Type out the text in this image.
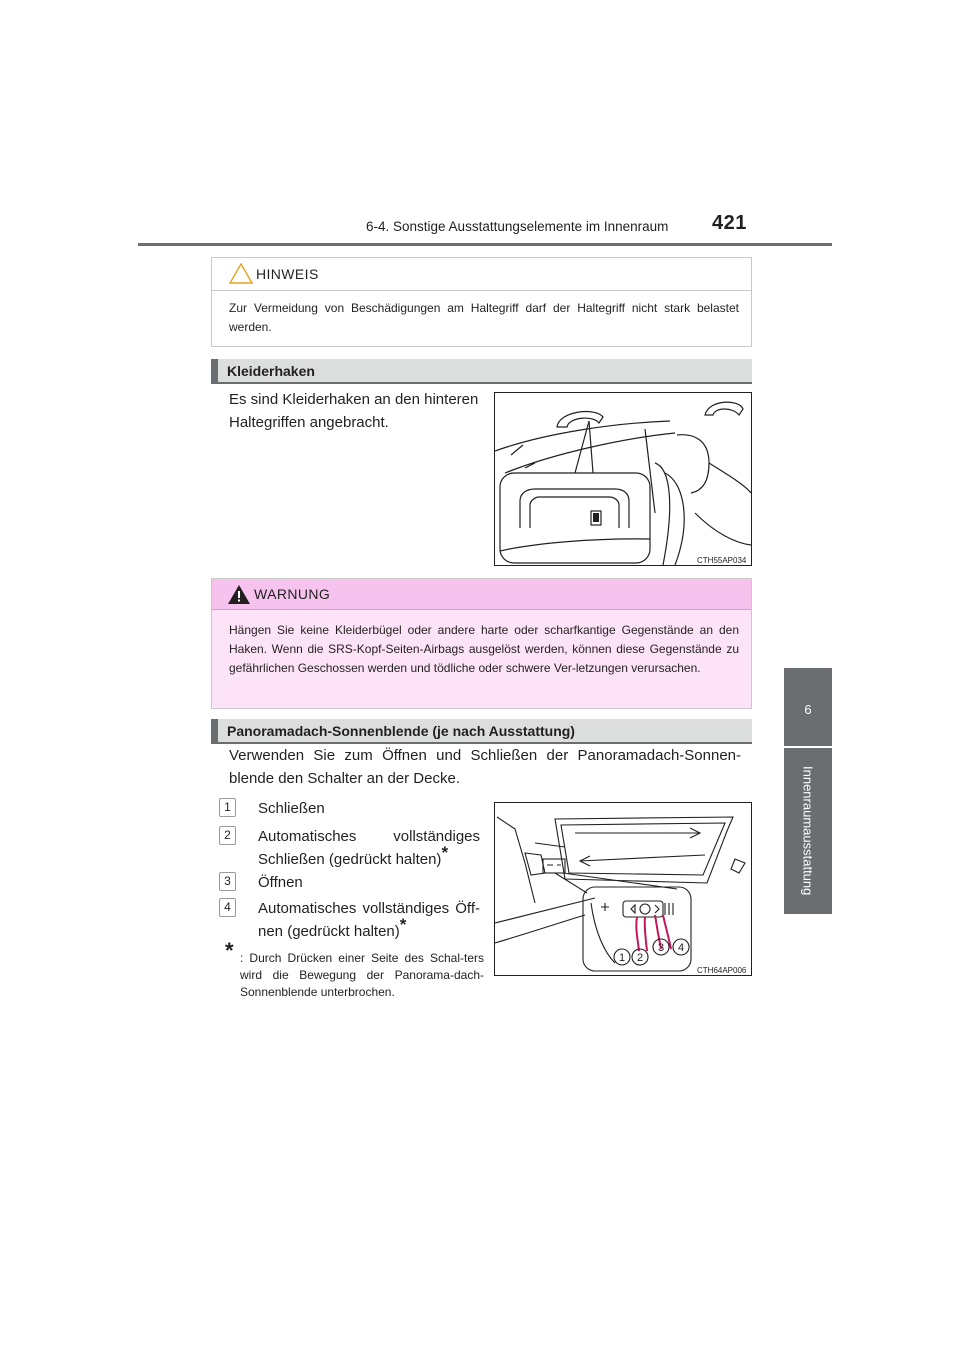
6-4. Sonstige Ausstattungselemente im Innenraum 421
6
Innenraumausstattung
HINWEIS
Zur Vermeidung von Beschädigungen am Haltegriff darf der Haltegriff nicht stark belastet werden.
Kleiderhaken
Es sind Kleiderhaken an den hinteren Haltegriffen angebracht.
CTH55AP034
WARNUNG
Hängen Sie keine Kleiderbügel oder andere harte oder scharfkantige Gegenstände an den Haken. Wenn die SRS-Kopf-Seiten-Airbags ausgelöst werden, können diese Gegenstände zu gefährlichen Geschossen werden und tödliche oder schwere Ver-letzungen verursachen.
Panoramadach-Sonnenblende (je nach Ausstattung)
Verwenden Sie zum Öffnen und Schließen der Panoramadach-Sonnen-blende den Schalter an der Decke.
1	Schließen
2	Automatisches vollständiges
Schließen (gedrückt halten)*
3	Öffnen
4	Automatisches vollständiges Öff-
nen (gedrückt halten)*
* : Durch Drücken einer Seite des Schal-ters wird die Bewegung der Panorama-dach-Sonnenblende unterbrochen.
1 2
3 4
CTH64AP006
